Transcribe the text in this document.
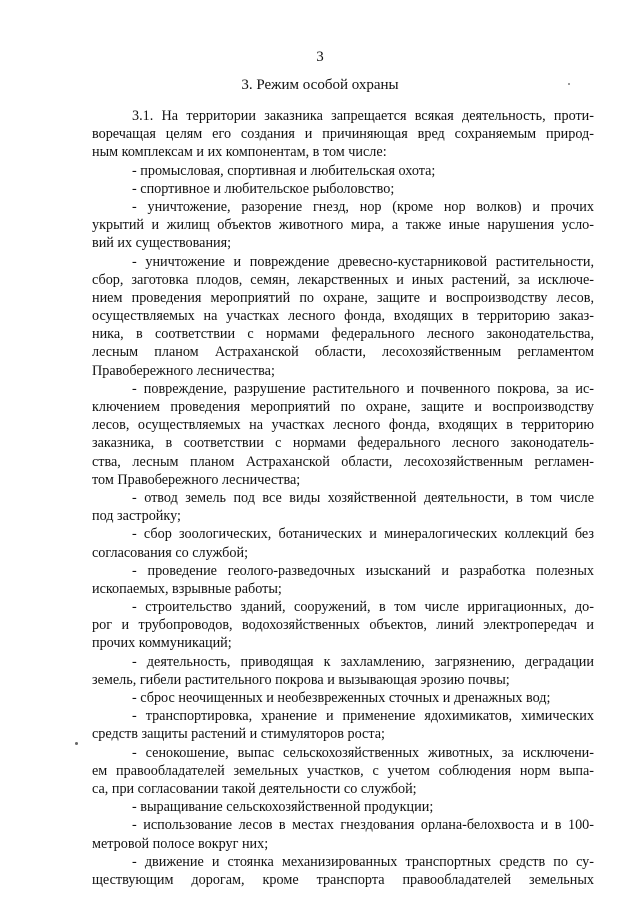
3
3. Режим особой охраны
3.1. На территории заказника запрещается всякая деятельность, проти-
воречащая целям его создания и причиняющая вред сохраняемым природ-
ным комплексам и их компонентам, в том числе:
- промысловая, спортивная и любительская охота;
- спортивное и любительское рыболовство;
- уничтожение, разорение гнезд, нор (кроме нор волков) и прочих
укрытий и жилищ объектов животного мира, а также иные нарушения усло-
вий их существования;
- уничтожение и повреждение древесно-кустарниковой растительности,
сбор, заготовка плодов, семян, лекарственных и иных растений, за исключе-
нием проведения мероприятий по охране, защите и воспроизводству лесов,
осуществляемых на участках лесного фонда, входящих в территорию заказ-
ника, в соответствии с нормами федерального лесного законодательства,
лесным планом Астраханской области, лесохозяйственным регламентом
Правобережного лесничества;
- повреждение, разрушение растительного и почвенного покрова, за ис-
ключением проведения мероприятий по охране, защите и воспроизводству
лесов, осуществляемых на участках лесного фонда, входящих в территорию
заказника, в соответствии с нормами федерального лесного законодатель-
ства, лесным планом Астраханской области, лесохозяйственным регламен-
том Правобережного лесничества;
- отвод земель под все виды хозяйственной деятельности, в том числе
под застройку;
- сбор зоологических, ботанических и минералогических коллекций без
согласования со службой;
- проведение геолого-разведочных изысканий и разработка полезных
ископаемых, взрывные работы;
- строительство зданий, сооружений, в том числе ирригационных, до-
рог и трубопроводов, водохозяйственных объектов, линий электропередач и
прочих коммуникаций;
- деятельность, приводящая к захламлению, загрязнению, деградации
земель, гибели растительного покрова и вызывающая эрозию почвы;
- сброс неочищенных и необезвреженных сточных и дренажных вод;
- транспортировка, хранение и применение ядохимикатов, химических
средств защиты растений и стимуляторов роста;
- сенокошение, выпас сельскохозяйственных животных, за исключени-
ем правообладателей земельных участков, с учетом соблюдения норм выпа-
са, при согласовании такой деятельности со службой;
- выращивание сельскохозяйственной продукции;
- использование лесов в местах гнездования орлана-белохвоста и в 100-
метровой полосе вокруг них;
- движение и стоянка механизированных транспортных средств по су-
ществующим дорогам, кроме транспорта правообладателей земельных
